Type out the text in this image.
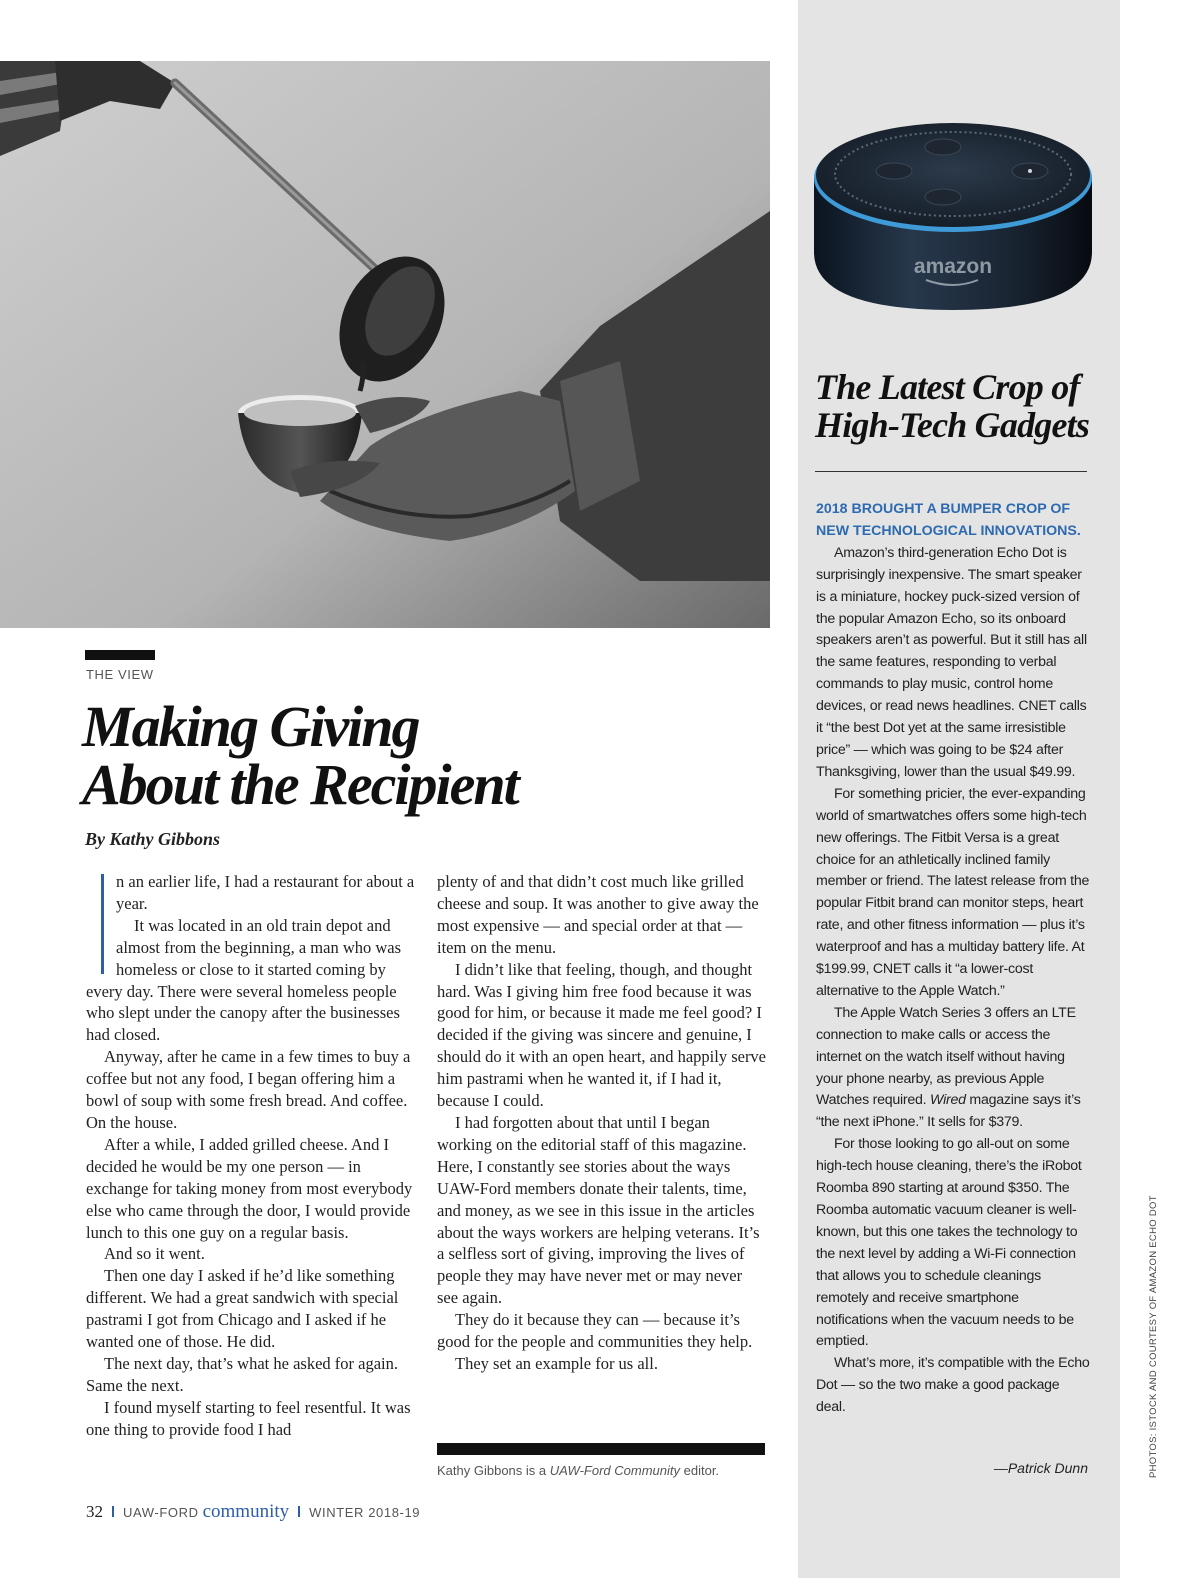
THE VIEW
Making Giving
About the Recipient
By Kathy Gibbons

n an earlier life, I had a restaurant for about a year.

It was located in an old train depot and almost from the beginning, a man who was homeless or close to it started coming by every day. There were several homeless people who slept under the canopy after the businesses had closed.

Anyway, after he came in a few times to buy a coffee but not any food, I began offering him a bowl of soup with some fresh bread. And coffee. On the house.

After a while, I added grilled cheese. And I decided he would be my one person — in exchange for taking money from most everybody else who came through the door, I would provide lunch to this one guy on a regular basis.

And so it went.

Then one day I asked if he’d like something different. We had a great sandwich with special pastrami I got from Chicago and I asked if he wanted one of those. He did.

The next day, that’s what he asked for again. Same the next.

I found myself starting to feel resentful. It was one thing to provide food I had

plenty of and that didn’t cost much like grilled cheese and soup. It was another to give away the most expensive — and special order at that — item on the menu.

I didn’t like that feeling, though, and thought hard. Was I giving him free food because it was good for him, or because it made me feel good? I decided if the giving was sincere and genuine, I should do it with an open heart, and happily serve him pastrami when he wanted it, if I had it, because I could.

I had forgotten about that until I began working on the editorial staff of this magazine. Here, I constantly see stories about the ways UAW-Ford members donate their talents, time, and money, as we see in this issue in the articles about the ways workers are helping veterans. It’s a selfless sort of giving, improving the lives of people they may have never met or may never see again.

They do it because they can — because it’s good for the people and communities they help.

They set an example for us all.

Kathy Gibbons is a UAW-Ford Community editor.
32 UAW-FORD community WINTER 2018-19
amazon
The Latest Crop of
High-Tech Gadgets

2018 BROUGHT A BUMPER CROP OF
NEW TECHNOLOGICAL INNOVATIONS.

Amazon’s third-generation Echo Dot is surprisingly inexpensive. The smart speaker is a miniature, hockey puck-sized version of the popular Amazon Echo, so its onboard speakers aren’t as powerful. But it still has all the same features, responding to verbal commands to play music, control home devices, or read news headlines. CNET calls it “the best Dot yet at the same irresistible price” — which was going to be $24 after Thanksgiving, lower than the usual $49.99.

For something pricier, the ever-expanding world of smartwatches offers some high-tech new offerings. The Fitbit Versa is a great choice for an athletically inclined family member or friend. The latest release from the popular Fitbit brand can monitor steps, heart rate, and other fitness information — plus it’s waterproof and has a multiday battery life. At $199.99, CNET calls it “a lower-cost alternative to the Apple Watch.”

The Apple Watch Series 3 offers an LTE connection to make calls or access the internet on the watch itself without having your phone nearby, as previous Apple Watches required. Wired magazine says it’s “the next iPhone.” It sells for $379.

For those looking to go all-out on some high-tech house cleaning, there’s the iRobot Roomba 890 starting at around $350. The Roomba automatic vacuum cleaner is well-known, but this one takes the technology to the next level by adding a Wi-Fi connection that allows you to schedule cleanings remotely and receive smartphone notifications when the vacuum needs to be emptied.

What’s more, it’s compatible with the Echo Dot — so the two make a good package deal.

—Patrick Dunn	PHOTOS: ISTOCK AND COURTESY OF AMAZON ECHO DOT
